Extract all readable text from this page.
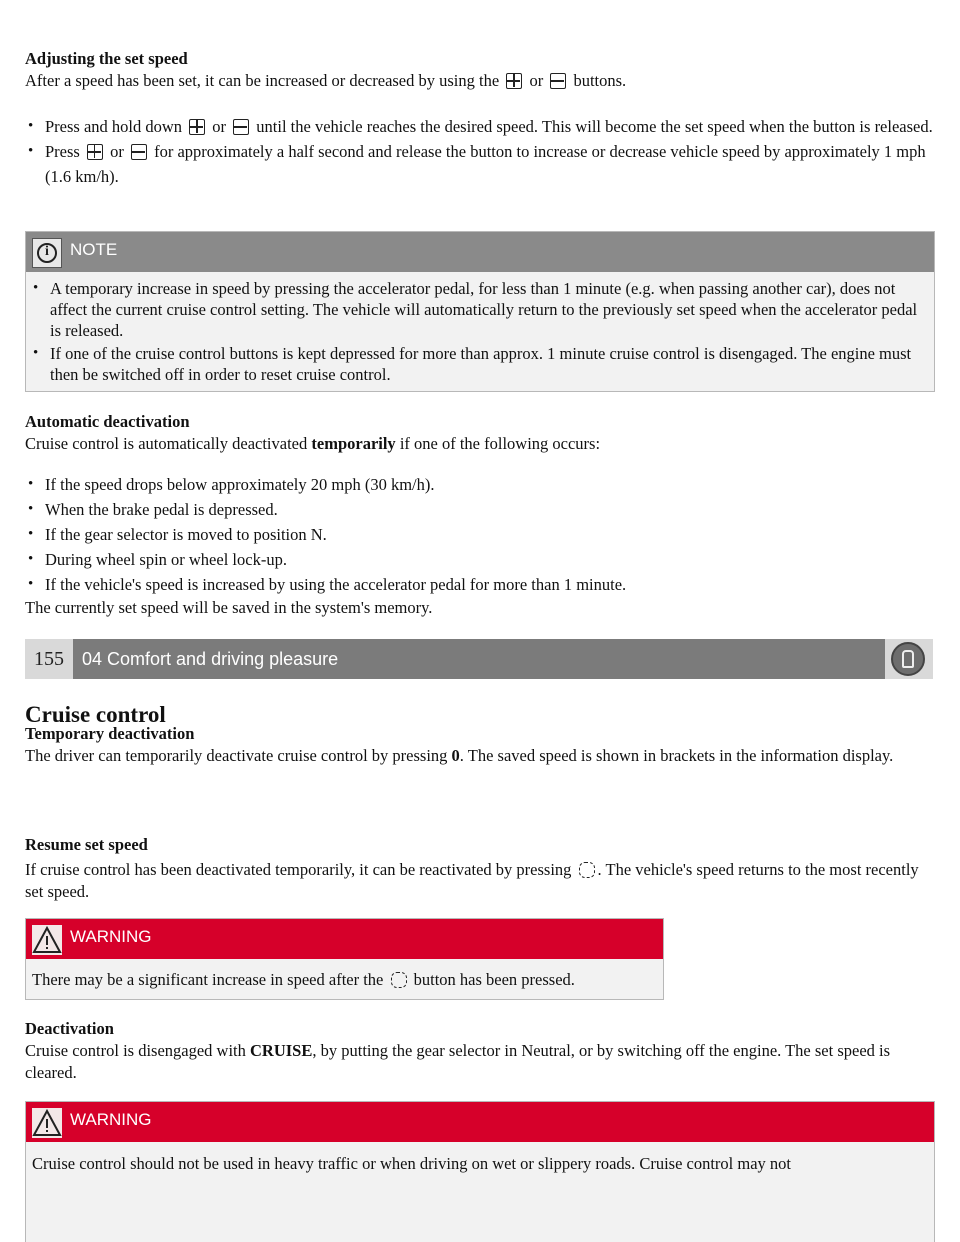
Adjusting the set speed

After a speed has been set, it can be increased or decreased by using the or buttons.

• Press and hold down or until the vehicle reaches the desired speed. This will become the set speed when the button is released.
• Press or for approximately a half second and release the button to increase or decrease vehicle speed by approximately 1 mph (1.6 km/h).
i	NOTE
• A temporary increase in speed by pressing the accelerator pedal, for less than 1 minute (e.g. when passing another car), does not affect the current cruise control setting. The vehicle will automatically return to the previously set speed when the accelerator pedal is released.
• If one of the cruise control buttons is kept depressed for more than approx. 1 minute cruise control is disengaged. The engine must then be switched off in order to reset cruise control.

Automatic deactivation

Cruise control is automatically deactivated temporarily if one of the following occurs:

• If the speed drops below approximately 20 mph (30 km/h).
• When the brake pedal is depressed.
• If the gear selector is moved to position N.
• During wheel spin or wheel lock-up.
• If the vehicle's speed is increased by using the accelerator pedal for more than 1 minute.

The currently set speed will be saved in the system's memory.

155	04 Comfort and driving pleasure
Cruise control

Temporary deactivation

The driver can temporarily deactivate cruise control by pressing 0. The saved speed is shown in brackets in the information display.

Resume set speed

If cruise control has been deactivated temporarily, it can be reactivated by pressing . The vehicle's speed returns to the most recently set speed.

WARNING
There may be a significant increase in speed after the button has been pressed.

Deactivation

Cruise control is disengaged with CRUISE, by putting the gear selector in Neutral, or by switching off the engine. The set speed is cleared.

WARNING
Cruise control should not be used in heavy traffic or when driving on wet or slippery roads. Cruise control may not
